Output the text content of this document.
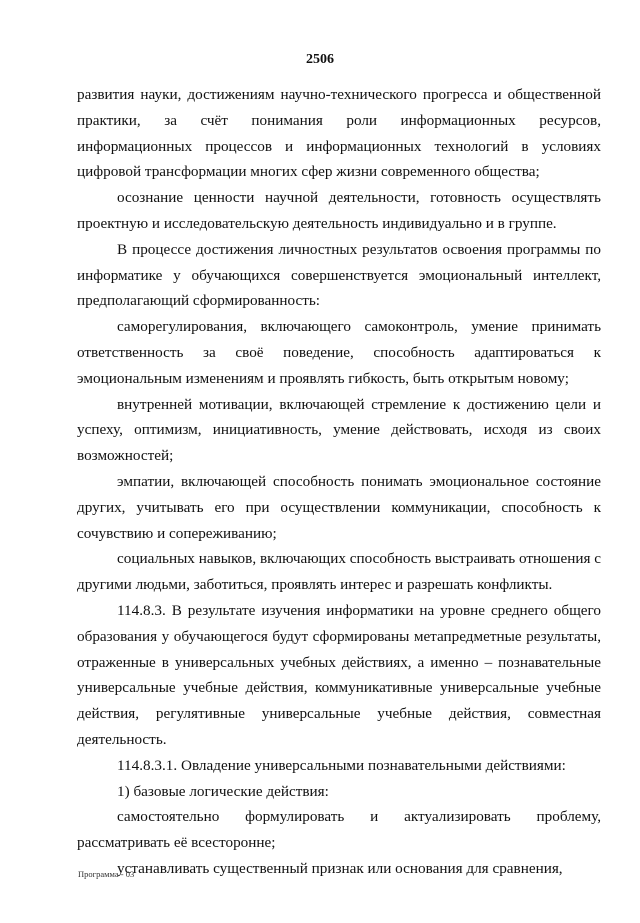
2506

развития науки, достижениям научно-технического прогресса и общественной практики, за счёт понимания роли информационных ресурсов, информационных процессов и информационных технологий в условиях цифровой трансформации многих сфер жизни современного общества;

осознание ценности научной деятельности, готовность осуществлять проектную и исследовательскую деятельность индивидуально и в группе.

В процессе достижения личностных результатов освоения программы по информатике у обучающихся совершенствуется эмоциональный интеллект, предполагающий сформированность:

саморегулирования, включающего самоконтроль, умение принимать ответственность за своё поведение, способность адаптироваться к эмоциональным изменениям и проявлять гибкость, быть открытым новому;

внутренней мотивации, включающей стремление к достижению цели и успеху, оптимизм, инициативность, умение действовать, исходя из своих возможностей;

эмпатии, включающей способность понимать эмоциональное состояние других, учитывать его при осуществлении коммуникации, способность к сочувствию и сопереживанию;

социальных навыков, включающих способность выстраивать отношения с другими людьми, заботиться, проявлять интерес и разрешать конфликты.

114.8.3. В результате изучения информатики на уровне среднего общего образования у обучающегося будут сформированы метапредметные результаты, отраженные в универсальных учебных действиях, а именно – познавательные универсальные учебные действия, коммуникативные универсальные учебные действия, регулятивные универсальные учебные действия, совместная деятельность.

114.8.3.1. Овладение универсальными познавательными действиями:

1) базовые логические действия:

самостоятельно формулировать и актуализировать проблему, рассматривать её всесторонне;

устанавливать существенный признак или основания для сравнения,

Программа - 03
